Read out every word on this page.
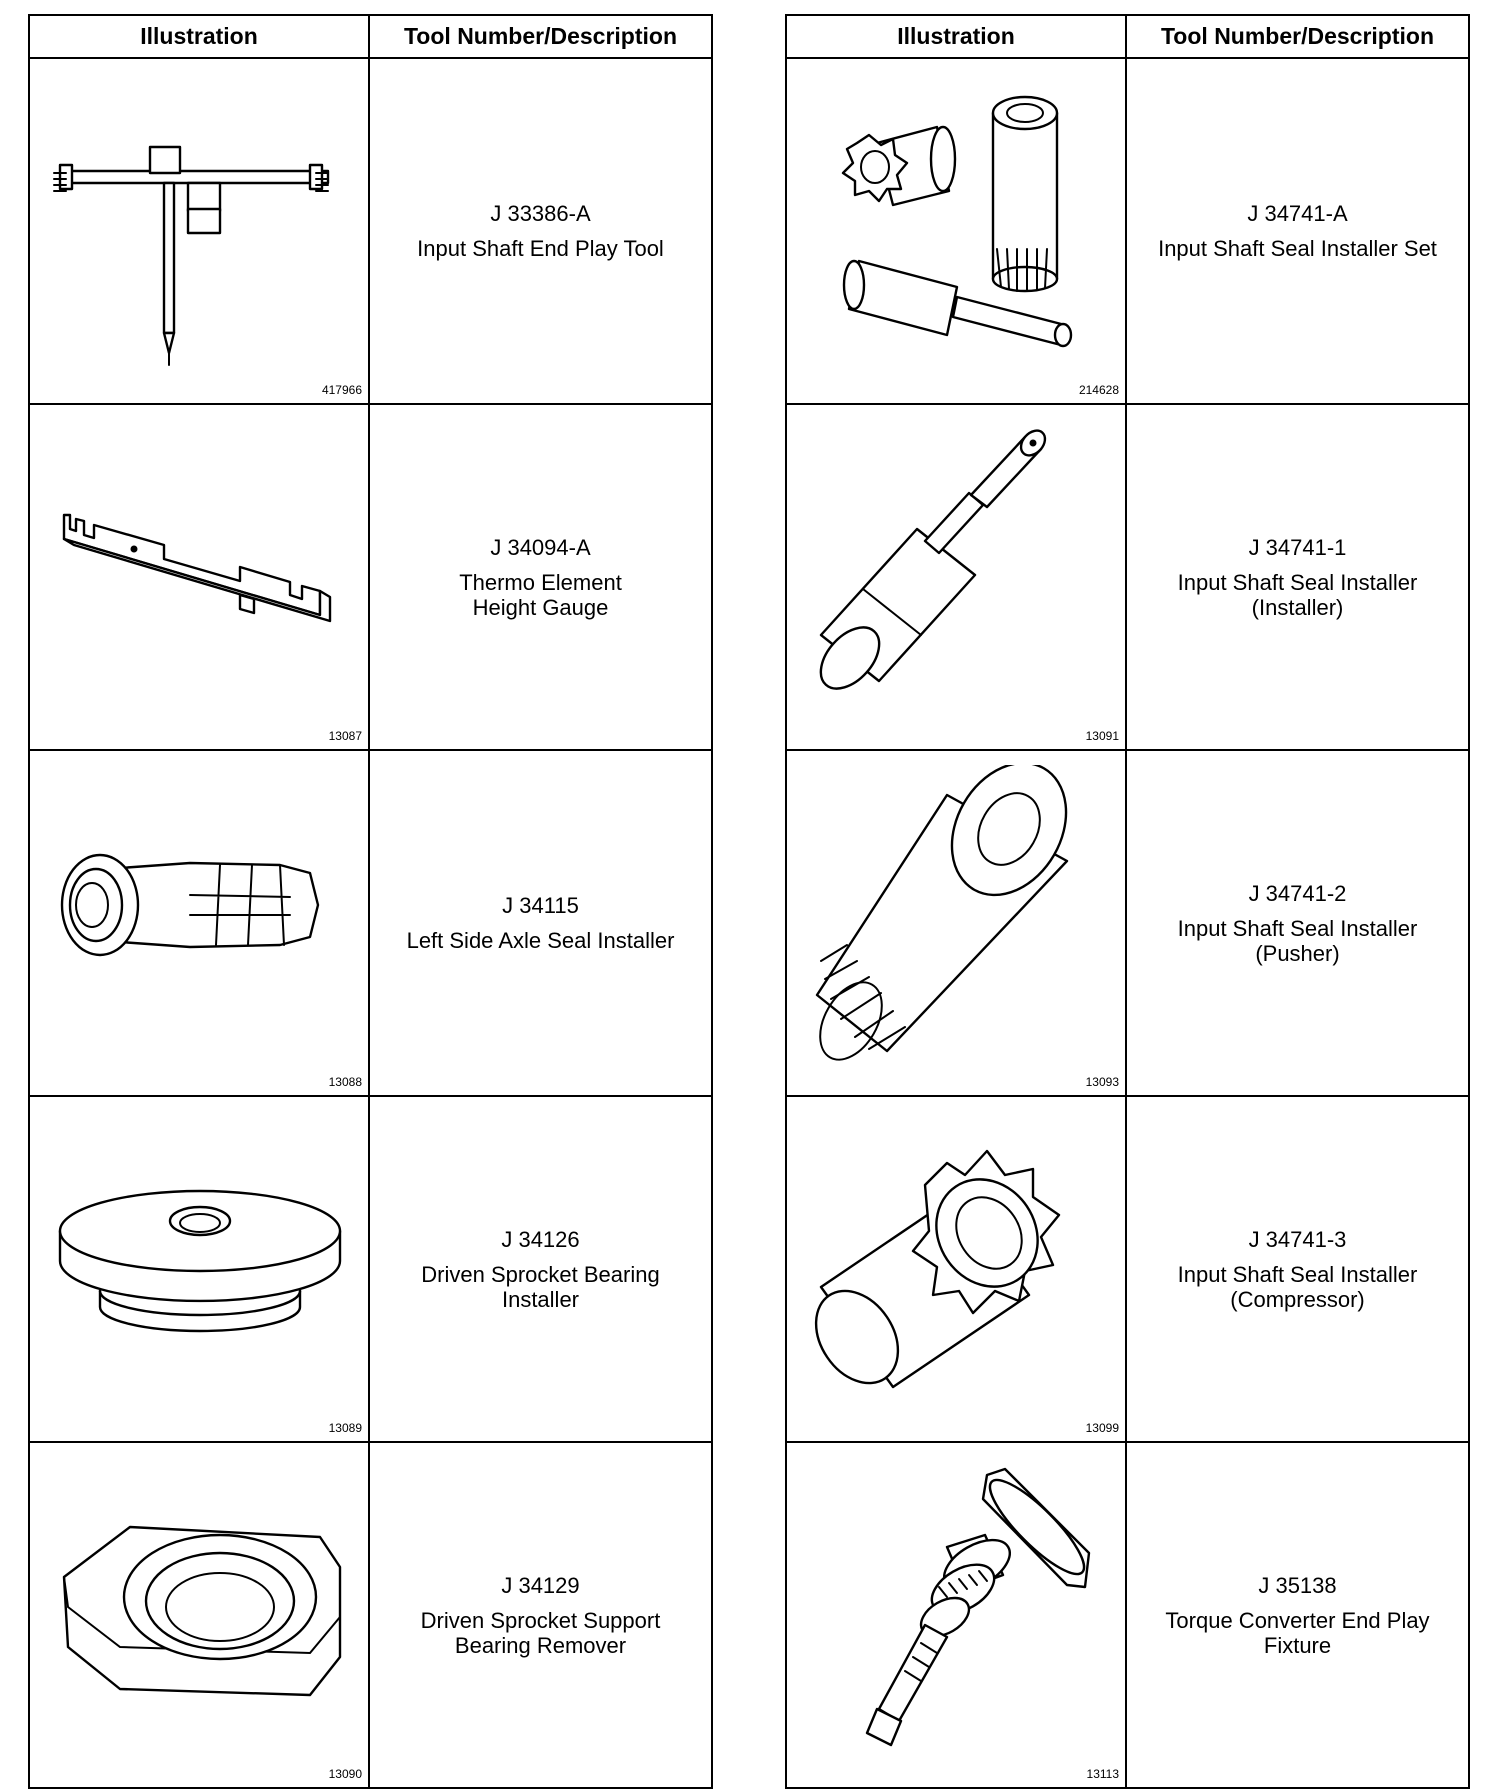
Illustration	Tool Number/Description

417966	J 33386-A
Input Shaft End Play Tool

13087	J 34094-A
Thermo Element
Height Gauge

13088	J 34115
Left Side Axle Seal Installer

13089	J 34126
Driven Sprocket Bearing
Installer

13090	J 34129
Driven Sprocket Support
Bearing Remover
Illustration	Tool Number/Description

214628	J 34741-A
Input Shaft Seal Installer Set

13091	J 34741-1
Input Shaft Seal Installer
(Installer)

13093	J 34741-2
Input Shaft Seal Installer
(Pusher)

13099	J 34741-3
Input Shaft Seal Installer
(Compressor)

13113	J 35138
Torque Converter End Play
Fixture
